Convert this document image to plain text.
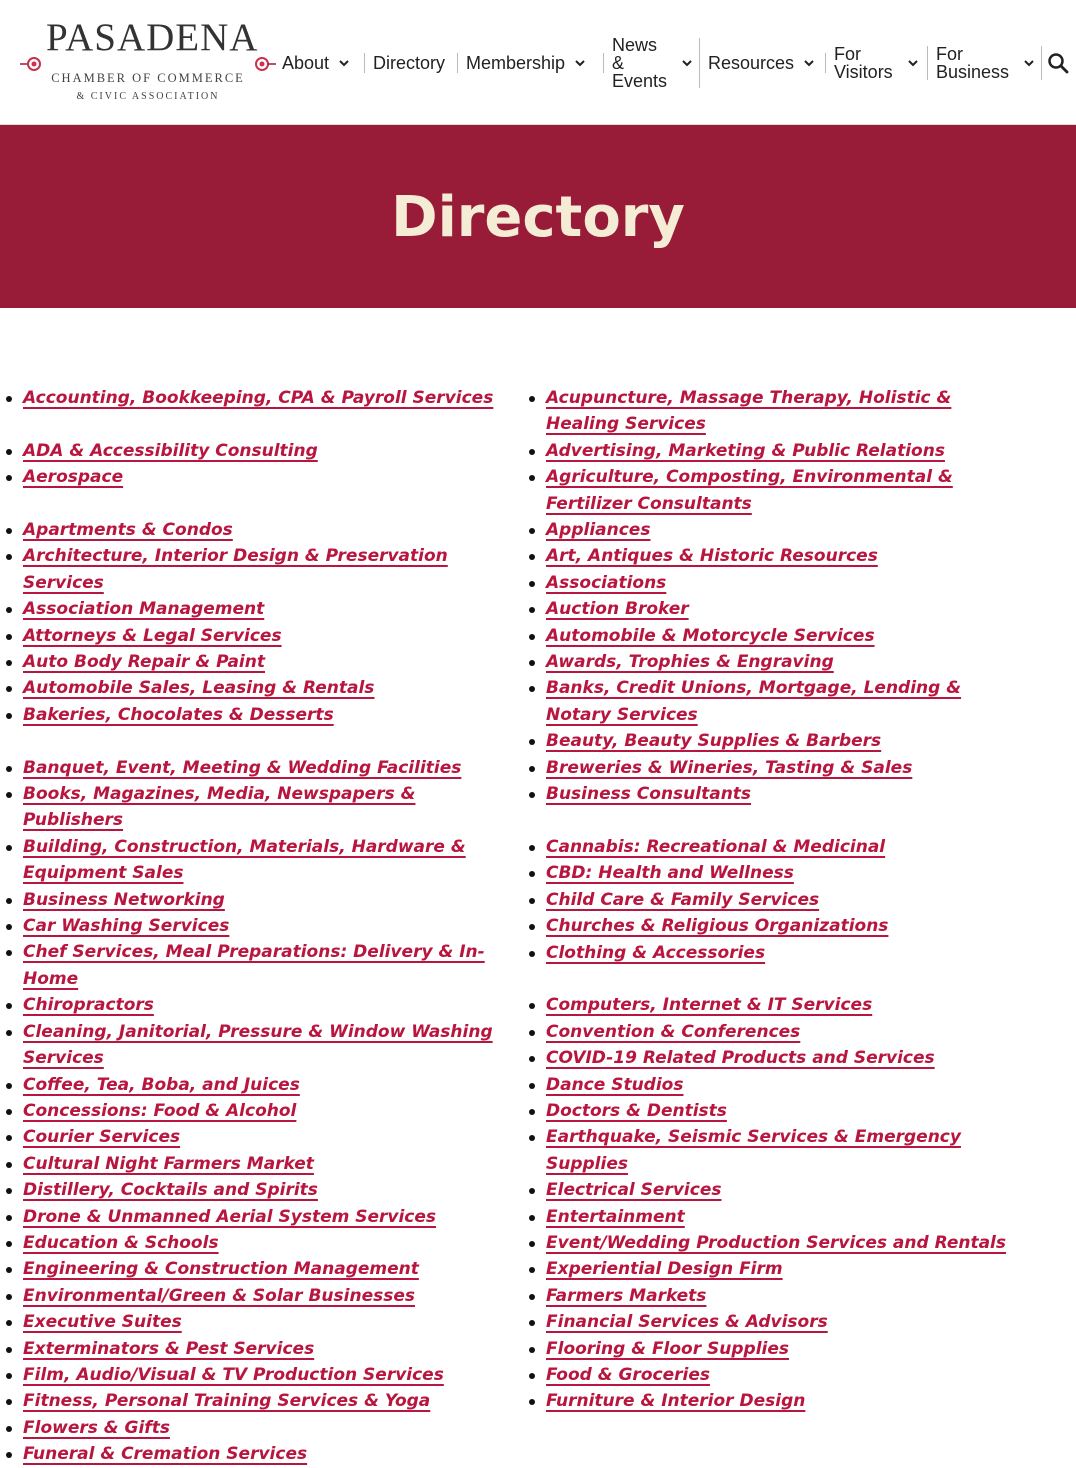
PASADENA
CHAMBER OF COMMERCE
& CIVIC ASSOCIATION
About Directory Membership
News & Events
Resources For Visitors
For Business
Directory
Accounting, Bookkeeping, CPA & Payroll Services
ADA & Accessibility Consulting
Aerospace
Apartments & Condos
Architecture, Interior Design & Preservation Services
Association Management
Attorneys & Legal Services
Auto Body Repair & Paint
Automobile Sales, Leasing & Rentals
Bakeries, Chocolates & Desserts
Banquet, Event, Meeting & Wedding Facilities
Books, Magazines, Media, Newspapers & Publishers
Building, Construction, Materials, Hardware & Equipment Sales
Business Networking
Car Washing Services
Chef Services, Meal Preparations: Delivery & In-Home
Chiropractors
Cleaning, Janitorial, Pressure & Window Washing Services
Coffee, Tea, Boba, and Juices
Concessions: Food & Alcohol
Courier Services
Cultural Night Farmers Market
Distillery, Cocktails and Spirits
Drone & Unmanned Aerial System Services
Education & Schools
Engineering & Construction Management
Environmental/Green & Solar Businesses
Executive Suites
Exterminators & Pest Services
Film, Audio/Visual & TV Production Services
Fitness, Personal Training Services & Yoga
Flowers & Gifts
Funeral & Cremation Services
Acupuncture, Massage Therapy, Holistic & Healing Services
Advertising, Marketing & Public Relations
Agriculture, Composting, Environmental & Fertilizer Consultants
Appliances
Art, Antiques & Historic Resources
Associations
Auction Broker
Automobile & Motorcycle Services
Awards, Trophies & Engraving
Banks, Credit Unions, Mortgage, Lending & Notary Services
Beauty, Beauty Supplies & Barbers
Breweries & Wineries, Tasting & Sales
Business Consultants
Cannabis: Recreational & Medicinal
CBD: Health and Wellness
Child Care & Family Services
Churches & Religious Organizations
Clothing & Accessories
Computers, Internet & IT Services
Convention & Conferences
COVID-19 Related Products and Services
Dance Studios
Doctors & Dentists
Earthquake, Seismic Services & Emergency Supplies
Electrical Services
Entertainment
Event/Wedding Production Services and Rentals
Experiential Design Firm
Farmers Markets
Financial Services & Advisors
Flooring & Floor Supplies
Food & Groceries
Furniture & Interior Design
